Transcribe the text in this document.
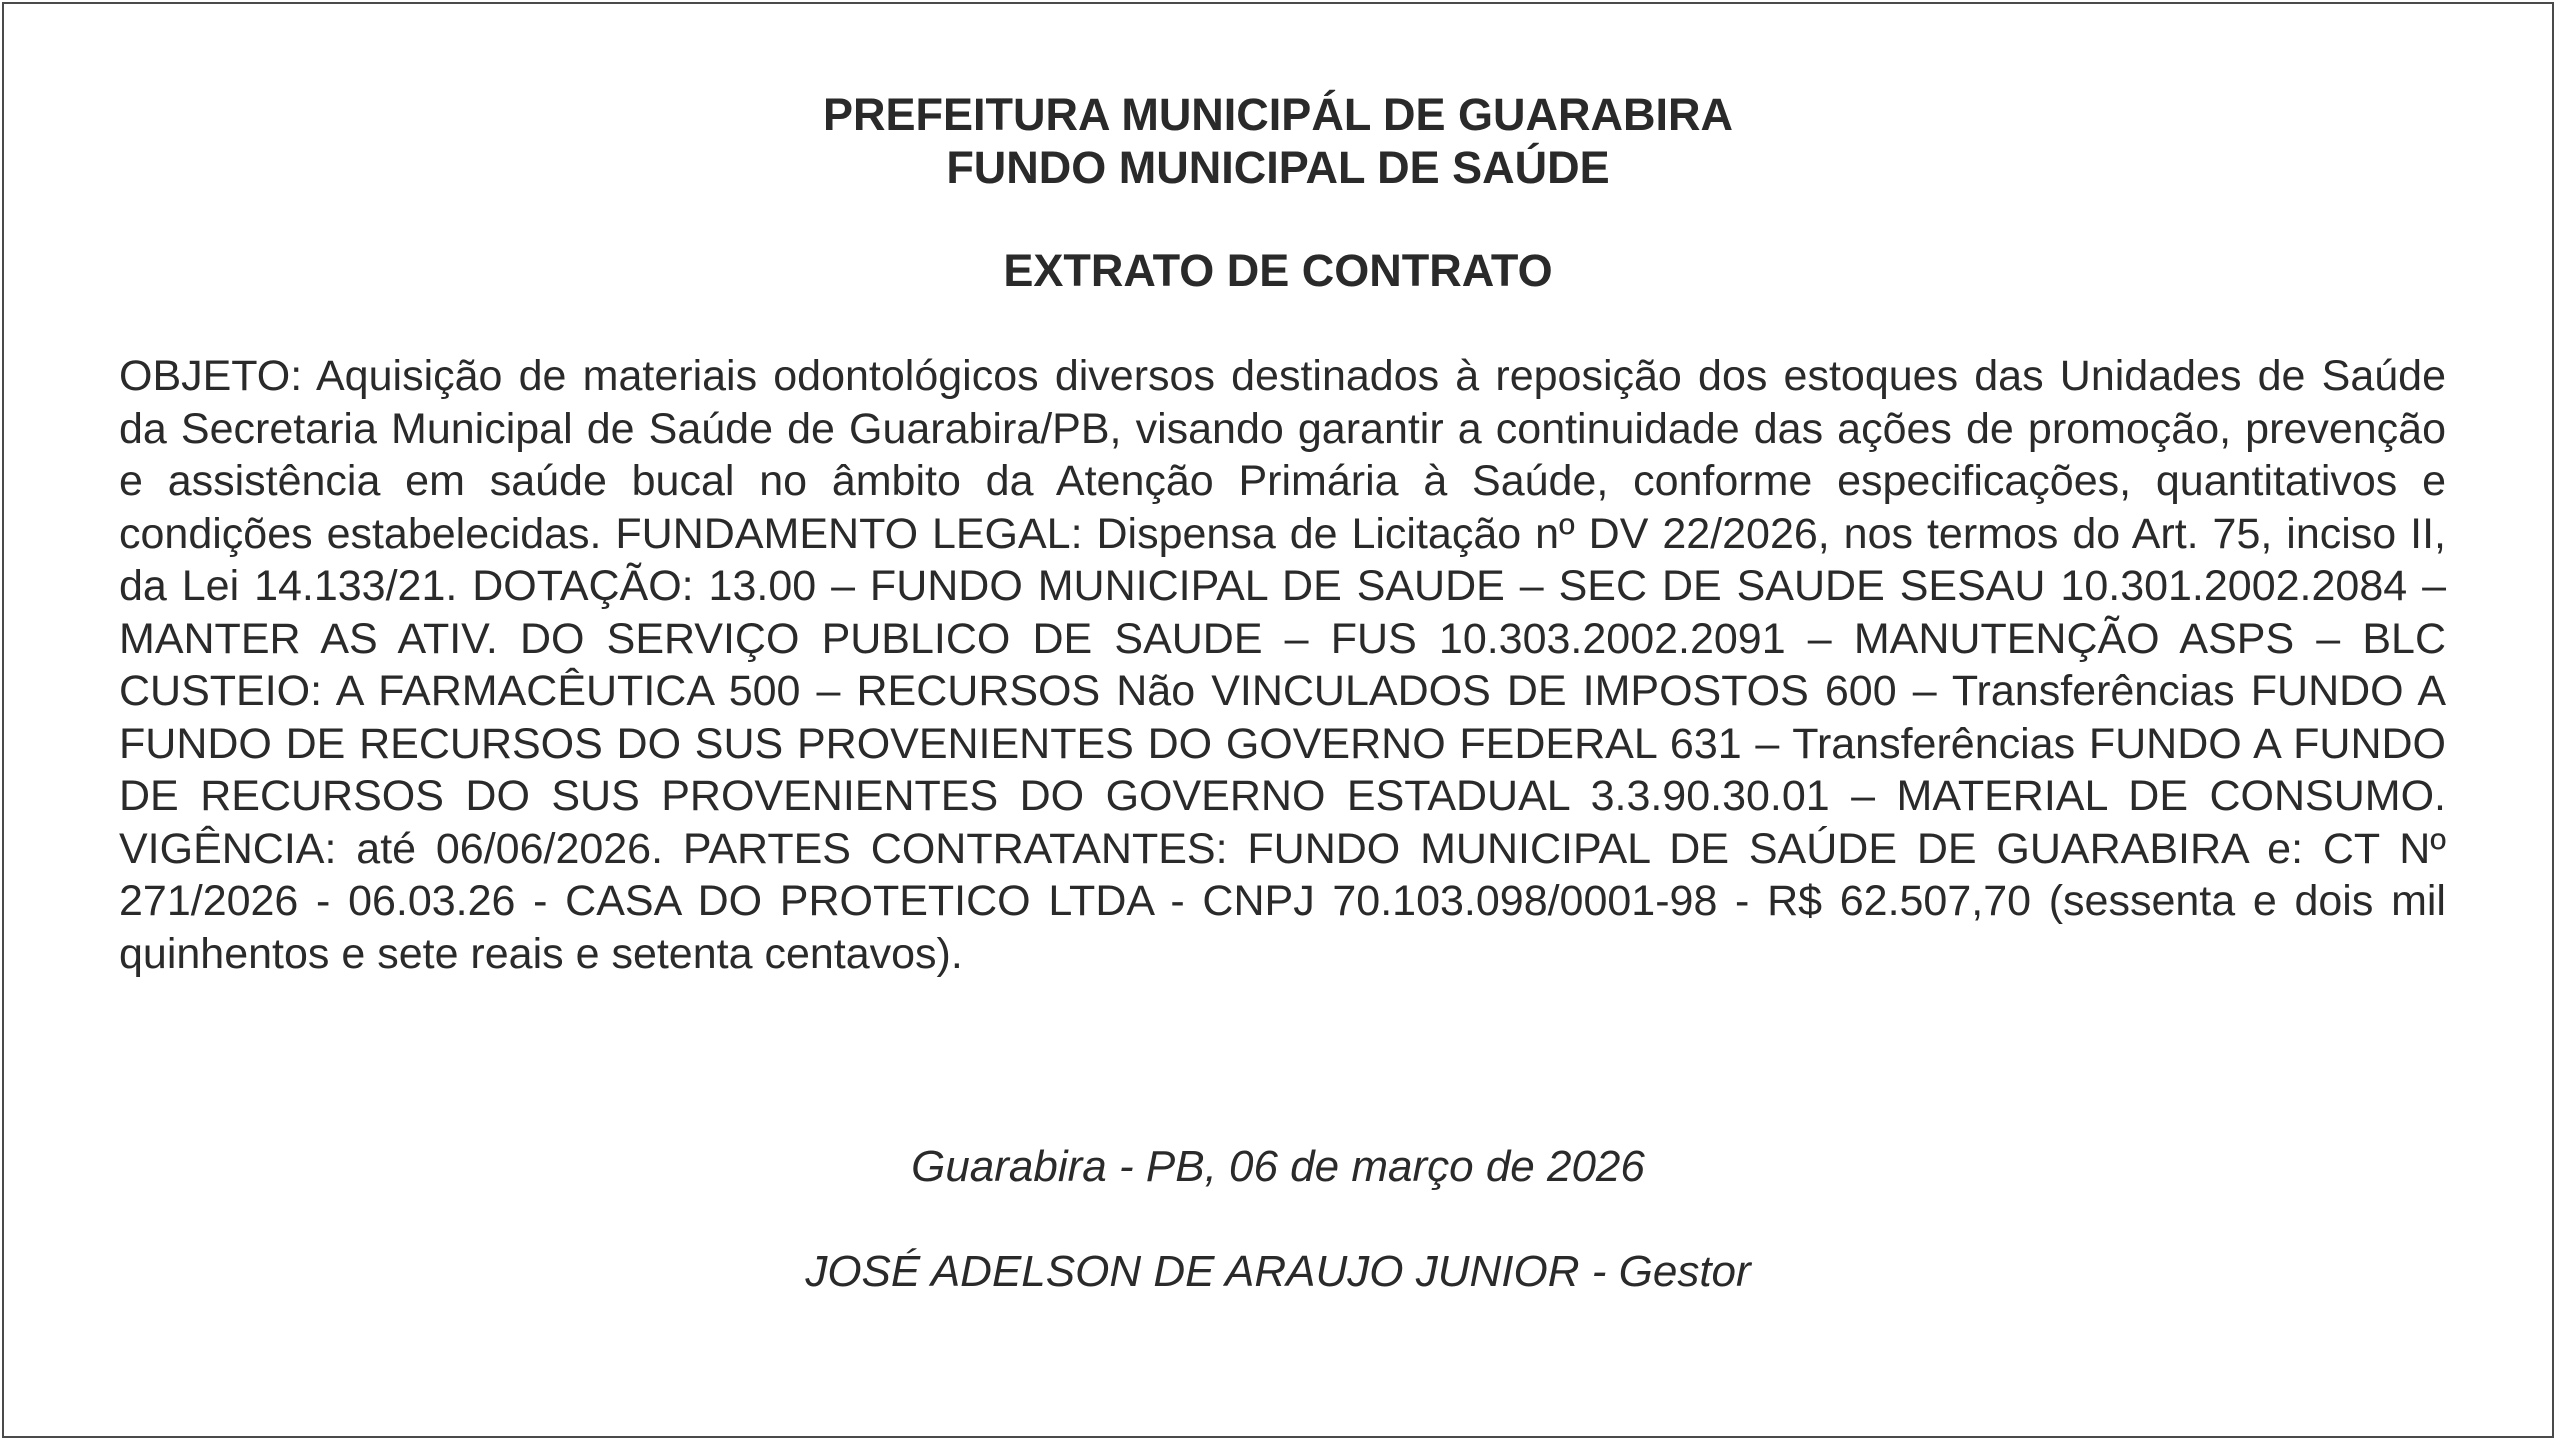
PREFEITURA MUNICIPÁL DE GUARABIRA
FUNDO MUNICIPAL DE SAÚDE
EXTRATO DE CONTRATO
OBJETO: Aquisição de materiais odontológicos diversos destinados à reposição dos estoques das Unidades de Saúde da Secretaria Municipal de Saúde de Guarabira/PB, visando garantir a continuidade das ações de promoção, prevenção e assistência em saúde bucal no âmbito da Atenção Primária à Saúde, conforme especificações, quantitativos e condições estabelecidas. FUNDAMENTO LEGAL: Dispensa de Licitação nº DV 22/2026, nos termos do Art. 75, inciso II, da Lei 14.133/21. DOTAÇÃO: 13.00 – FUNDO MUNICIPAL DE SAUDE – SEC DE SAUDE SESAU 10.301.2002.2084 – MANTER AS ATIV. DO SERVIÇO PUBLICO DE SAUDE – FUS 10.303.2002.2091 – MANUTENÇÃO ASPS – BLC CUSTEIO: A FARMACÊUTICA 500 – RECURSOS Não VINCULADOS DE IMPOSTOS 600 – Transferências FUNDO A FUNDO DE RECURSOS DO SUS PROVENIENTES DO GOVERNO FEDERAL 631 – Transferências FUNDO A FUNDO DE RECURSOS DO SUS PROVENIENTES DO GOVERNO ESTADUAL 3.3.90.30.01 – MATERIAL DE CONSUMO. VIGÊNCIA: até 06/06/2026. PARTES CONTRATANTES: FUNDO MUNICIPAL DE SAÚDE DE GUARABIRA e: CT Nº 271/2026 - 06.03.26 - CASA DO PROTETICO LTDA - CNPJ 70.103.098/0001-98 - R$ 62.507,70 (sessenta e dois mil quinhentos e sete reais e setenta centavos).
Guarabira - PB, 06 de março de 2026
JOSÉ ADELSON DE ARAUJO JUNIOR - Gestor
